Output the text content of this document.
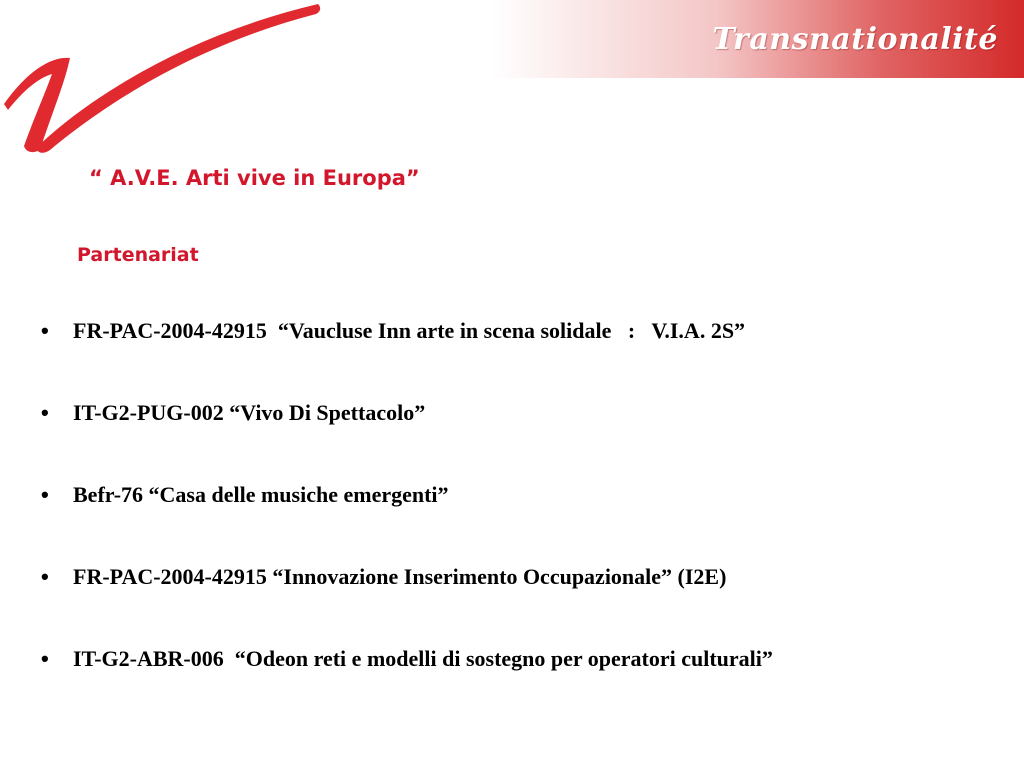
Transnationalité
“ A.V.E. Arti vive in Europa”
Partenariat

•

FR-PAC-2004-42915  “Vaucluse Inn arte in scena solidale   :   V.I.A. 2S”

•

IT-G2-PUG-002 “Vivo Di Spettacolo”

•

Befr-76 “Casa delle musiche emergenti”

•

FR-PAC-2004-42915 “Innovazione Inserimento Occupazionale” (I2E)

•

IT-G2-ABR-006  “Odeon reti e modelli di sostegno per operatori culturali”
